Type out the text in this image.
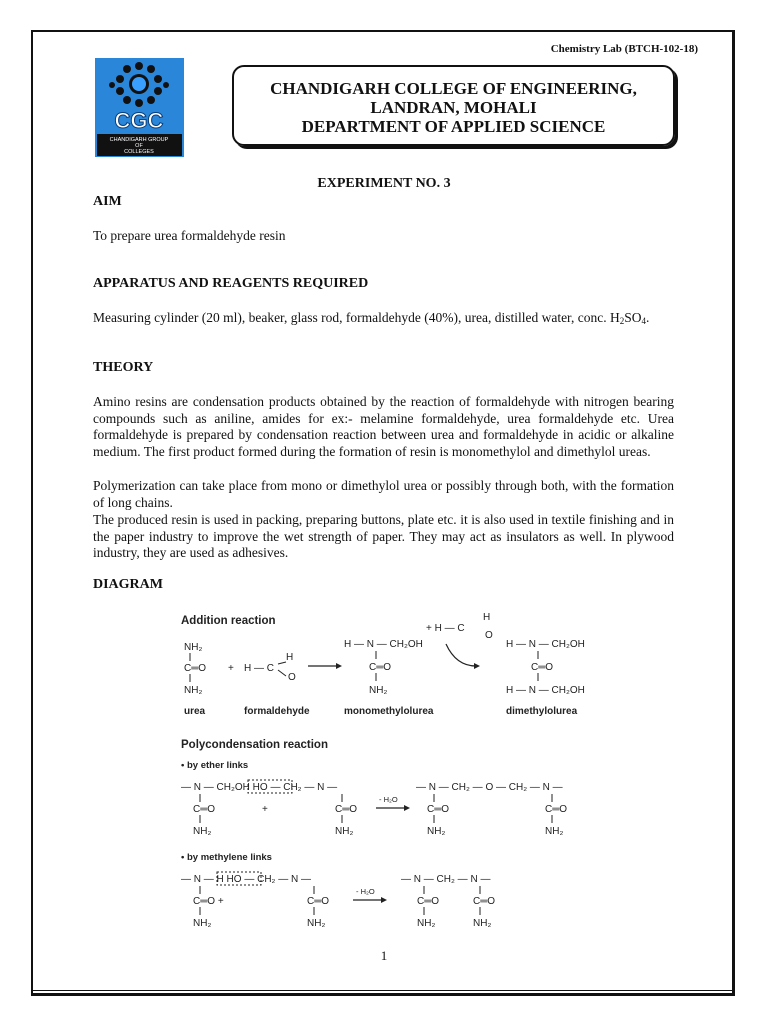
Chemistry Lab (BTCH-102-18)
CGC
CHANDIGARH GROUP
OF
COLLEGES
CHANDIGARH COLLEGE OF ENGINEERING,
LANDRAN, MOHALI
DEPARTMENT OF APPLIED SCIENCE
EXPERIMENT NO. 3
AIM
To prepare urea formaldehyde resin
APPARATUS AND REAGENTS REQUIRED
Measuring cylinder (20 ml), beaker, glass rod, formaldehyde (40%), urea, distilled water, conc. $H_2SO_4$.
THEORY
Amino resins are condensation products obtained by the reaction of formaldehyde with nitrogen bearing compounds such as aniline, amides for ex:- melamine formaldehyde, urea formaldehyde etc. Urea formaldehyde is prepared by condensation reaction between urea and formaldehyde in acidic or alkaline medium. The first product formed during the formation of resin is monomethylol and dimethylol ureas.
Polymerization can take place from mono or dimethylol urea or possibly through both, with the formation of long chains.
The produced resin is used in packing, preparing buttons, plate etc. it is also used in textile finishing and in the paper industry to improve the wet strength of paper. They may act as insulators as well. In plywood industry, they are used as adhesives.
DIAGRAM
Addition reaction
NH₂
C═O
NH₂
+ H — C
H
O
H — N — CH₂OH
C═O
NH₂
+ H — C
H
O
H — N — CH₂OH
C═O
H — N — CH₂OH
urea	formaldehyde	monomethylolurea	dimethylolurea
Polycondensation reaction
• by ether links
— N — CH₂OH HO — CH₂ — N —
C═O	+
NH₂
C═O
NH₂
- H₂O
— N — CH₂ — O — CH₂ — N —
C═O
NH₂
C═O
NH₂
• by methylene links
— N — H HO — CH₂ — N —
C═O +
NH₂
C═O
NH₂
- H₂O
— N — CH₂ — N —
C═O
NH₂
C═O
NH₂
1
